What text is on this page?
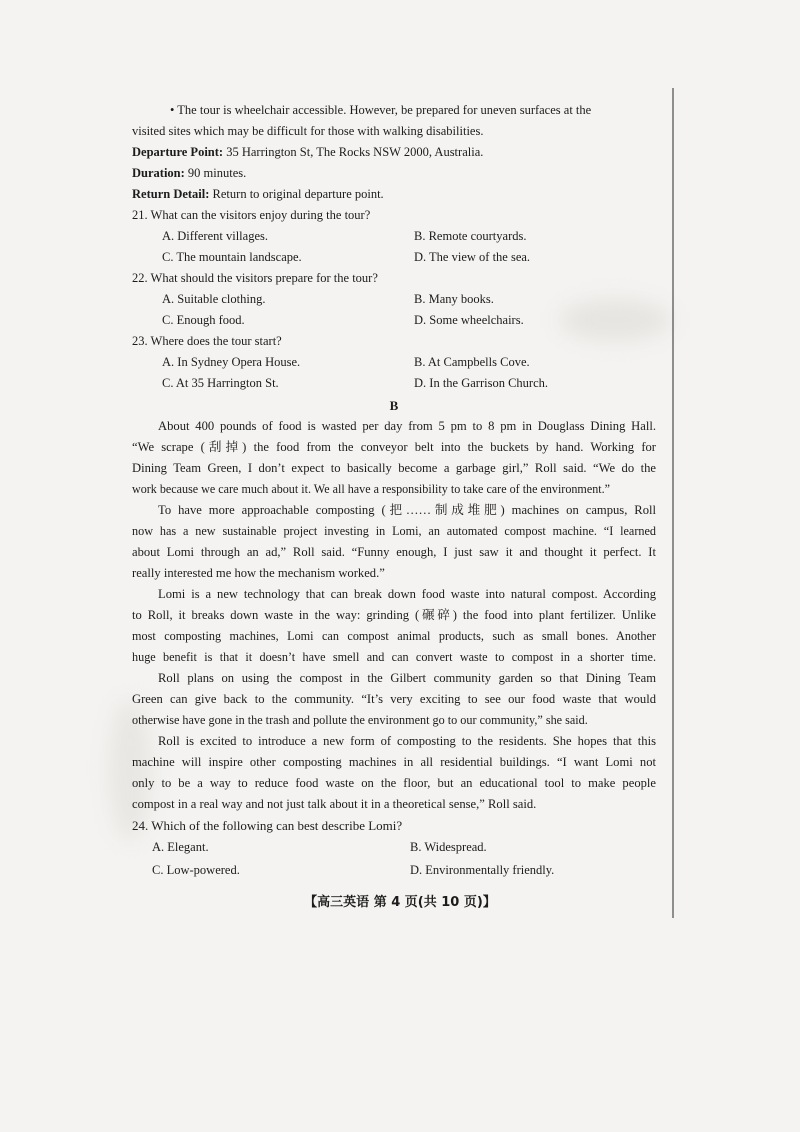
• The tour is wheelchair accessible. However, be prepared for uneven surfaces at the
visited sites which may be difficult for those with walking disabilities.
Departure Point: 35 Harrington St, The Rocks NSW 2000, Australia.
Duration: 90 minutes.
Return Detail: Return to original departure point.
21. What can the visitors enjoy during the tour?
A. Different villages.	B. Remote courtyards.
C. The mountain landscape.	D. The view of the sea.
22. What should the visitors prepare for the tour?
A. Suitable clothing.	B. Many books.
C. Enough food.	D. Some wheelchairs.
23. Where does the tour start?
A. In Sydney Opera House.	B. At Campbells Cove.
C. At 35 Harrington St.	D. In the Garrison Church.
B
About 400 pounds of food is wasted per day from 5 pm to 8 pm in Douglass Dining Hall.
“We scrape (刮掉) the food from the conveyor belt into the buckets by hand. Working for
Dining Team Green, I don’t expect to basically become a garbage girl,” Roll said. “We do the
work because we care much about it. We all have a responsibility to take care of the environment.”
To have more approachable composting (把……制成堆肥) machines on campus, Roll
now has a new sustainable project investing in Lomi, an automated compost machine. “I learned
about Lomi through an ad,” Roll said. “Funny enough, I just saw it and thought it perfect. It
really interested me how the mechanism worked.”
Lomi is a new technology that can break down food waste into natural compost. According
to Roll, it breaks down waste in the way: grinding (碾碎) the food into plant fertilizer. Unlike
most composting machines, Lomi can compost animal products, such as small bones. Another
huge benefit is that it doesn’t have smell and can convert waste to compost in a shorter time.
Roll plans on using the compost in the Gilbert community garden so that Dining Team
Green can give back to the community. “It’s very exciting to see our food waste that would
otherwise have gone in the trash and pollute the environment go to our community,” she said.
Roll is excited to introduce a new form of composting to the residents. She hopes that this
machine will inspire other composting machines in all residential buildings. “I want Lomi not
only to be a way to reduce food waste on the floor, but an educational tool to make people
compost in a real way and not just talk about it in a theoretical sense,” Roll said.
24. Which of the following can best describe Lomi?
A. Elegant.	B. Widespread.
C. Low-powered.	D. Environmentally friendly.
【高三英语 第 4 页(共 10 页)】
